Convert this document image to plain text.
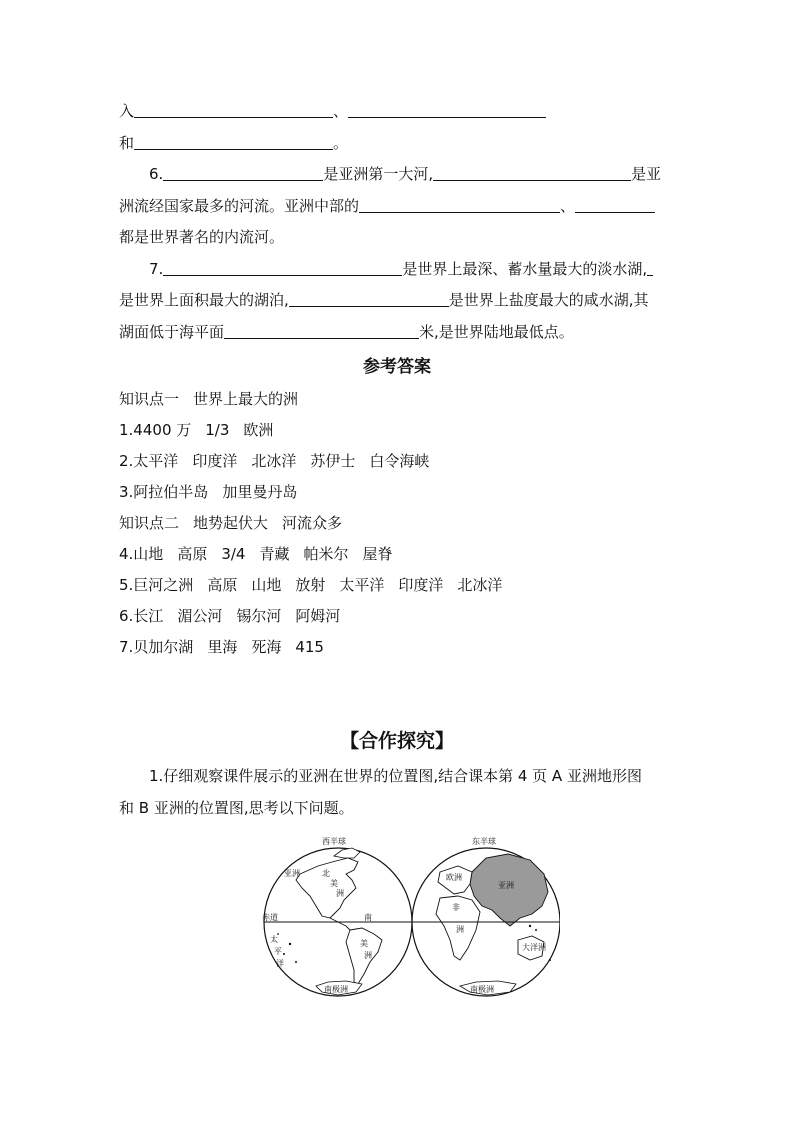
入	、
和	。
6.	是亚洲第一大河,	是亚
洲流经国家最多的河流。亚洲中部的	、
都是世界著名的内流河。
7.	是世界上最深、蓄水量最大的淡水湖,
是世界上面积最大的湖泊,	是世界上盐度最大的咸水湖,其
湖面低于海平面	米,是世界陆地最低点。
参考答案
知识点一 世界上最大的洲
1.4400 万 1/3 欧洲
2.太平洋 印度洋 北冰洋 苏伊士 白令海峡
3.阿拉伯半岛 加里曼丹岛
知识点二 地势起伏大 河流众多
4.山地 高原 3/4 青藏 帕米尔 屋脊
5.巨河之洲 高原 山地 放射 太平洋 印度洋 北冰洋
6.长江 湄公河 锡尔河 阿姆河
7.贝加尔湖 里海 死海 415
【合作探究】
1.仔细观察课件展示的亚洲在世界的位置图,结合课本第 4 页 A 亚洲地形图
和 B 亚洲的位置图,思考以下问题。
西半球	东半球
赤道
亚洲	北
美
洲
南
美
洲
太
平
洋
南极洲
欧洲
亚洲
非
洲
大洋洲
南极洲
